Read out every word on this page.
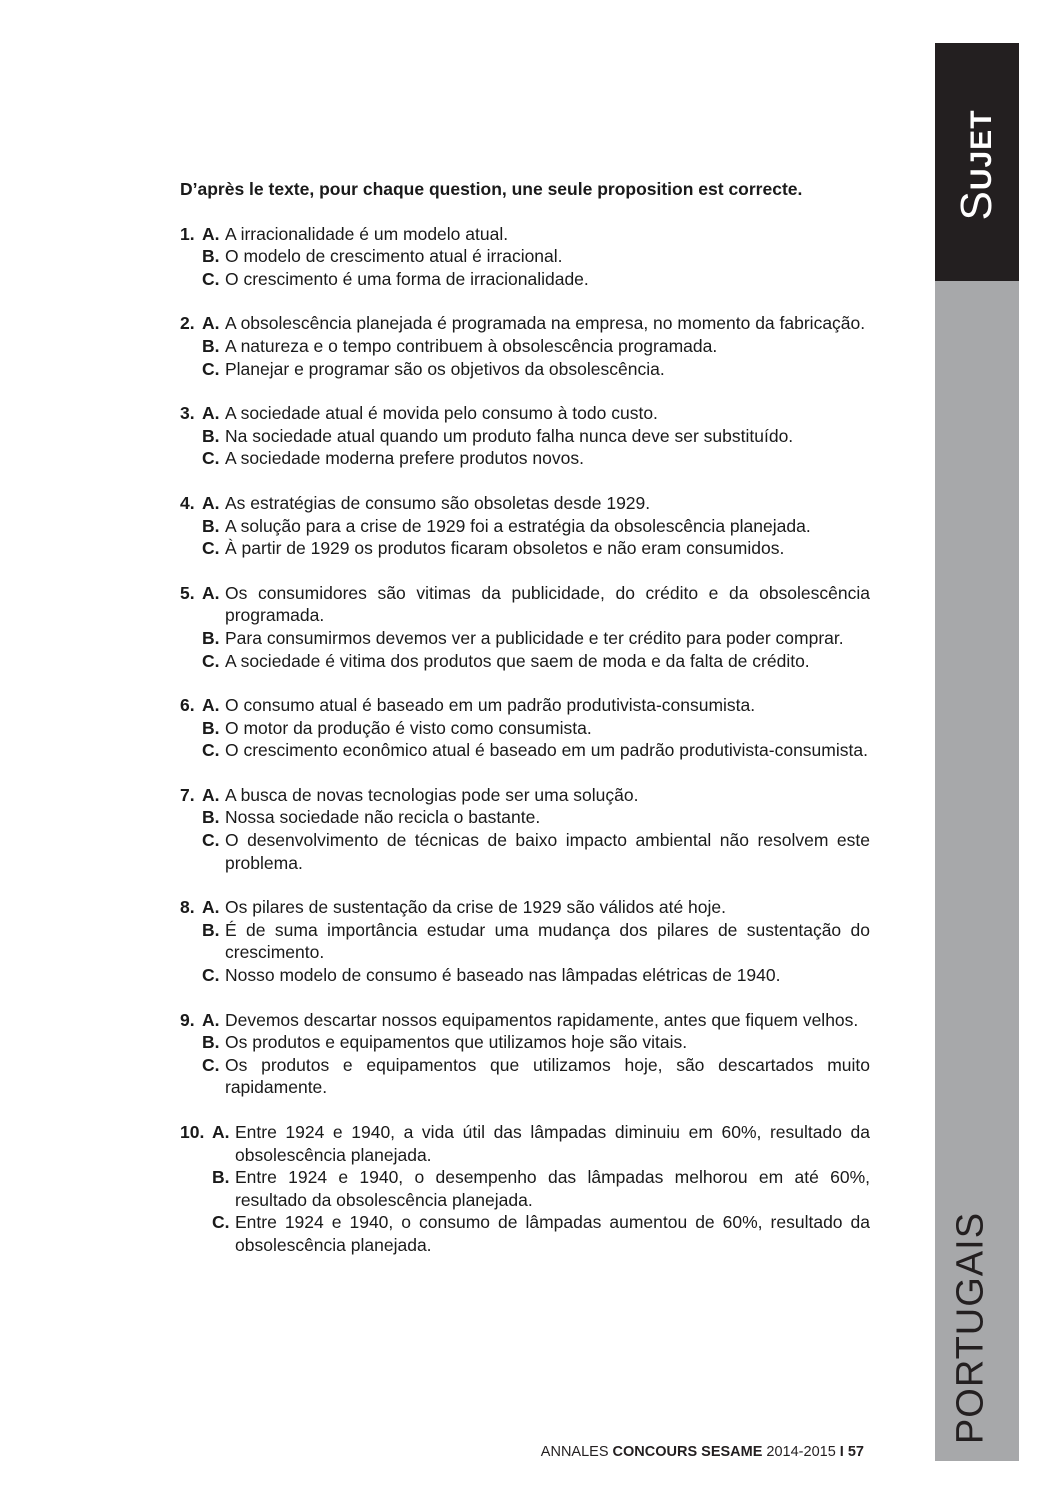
SUJET
PORTUGAIS

D’après le texte, pour chaque question, une seule proposition est correcte.

1. A. A irracionalidade é um modelo atual.
B. O modelo de crescimento atual é irracional.
C. O crescimento é uma forma de irracionalidade.
2. A. A obsolescência planejada é programada na empresa, no momento da fabricação.
B. A natureza e o tempo contribuem à obsolescência programada.
C. Planejar e programar são os objetivos da obsolescência.
3. A. A sociedade atual é movida pelo consumo à todo custo.
B. Na sociedade atual quando um produto falha nunca deve ser substituído.
C. A sociedade moderna prefere produtos novos.
4. A. As estratégias de consumo são obsoletas desde 1929.
B. A solução para a crise de 1929 foi a estratégia da obsolescência planejada.
C. À partir de 1929 os produtos ficaram obsoletos e não eram consumidos.
5. A. Os consumidores são vitimas da publicidade, do crédito e da obsolescência programada.
B. Para consumirmos devemos ver a publicidade e ter crédito para poder comprar.
C. A sociedade é vitima dos produtos que saem de moda e da falta de crédito.
6. A. O consumo atual é baseado em um padrão produtivista-consumista.
B. O motor da produção é visto como consumista.
C. O crescimento econômico atual é baseado em um padrão produtivista-consumista.
7. A. A busca de novas tecnologias pode ser uma solução.
B. Nossa sociedade não recicla o bastante.
C. O desenvolvimento de técnicas de baixo impacto ambiental não resolvem este problema.
8. A. Os pilares de sustentação da crise de 1929 são válidos até hoje.
B. É de suma importância estudar uma mudança dos pilares de sustentação do crescimento.
C. Nosso modelo de consumo é baseado nas lâmpadas elétricas de 1940.
9. A. Devemos descartar nossos equipamentos rapidamente, antes que fiquem velhos.
B. Os produtos e equipamentos que utilizamos hoje são vitais.
C. Os produtos e equipamentos que utilizamos hoje, são descartados muito rapidamente.
10. A. Entre 1924 e 1940, a vida útil das lâmpadas diminuiu em 60%, resultado da obsolescência planejada.
B. Entre 1924 e 1940, o desempenho das lâmpadas melhorou em até 60%, resultado da obsolescência planejada.
C. Entre 1924 e 1940, o consumo de lâmpadas aumentou de 60%, resultado da obsolescência planejada.
ANNALES CONCOURS SESAME 2014-2015 I 57
